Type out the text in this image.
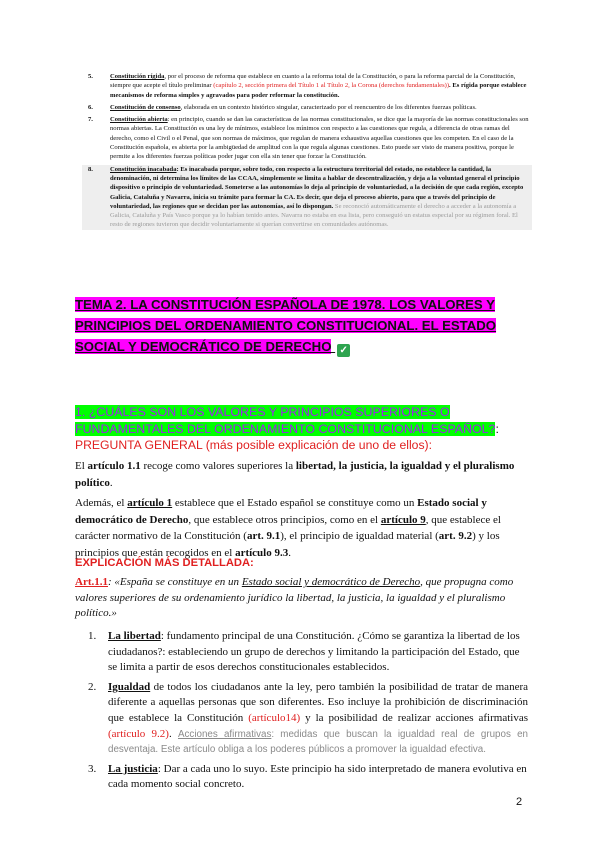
5.	Constitución rígida, por el proceso de reforma que establece en cuanto a la reforma total de la Constitución, o para la reforma parcial de la Constitución, siempre que acepte el título preliminar (capítulo 2, sección primera del Título 1 al Título 2, la Corona (derechos fundamentales)). Es rígida porque establece mecanismos de reforma simples y agravados para poder reformar la constitución.
6.	Constitución de consenso, elaborada en un contexto histórico singular, caracterizado por el reencuentro de los diferentes fuerzas políticas.
7.	Constitución abierta: en principio, cuando se dan las características de las normas constitucionales, se dice que la mayoría de las normas constitucionales son normas abiertas. La Constitución es una ley de mínimos, establece los mínimos con respecto a las cuestiones que regula, a diferencia de otras ramas del derecho, como el Civil o el Penal, que son normas de máximos, que regulan de manera exhaustiva aquellas cuestiones que les competen. En el caso de la Constitución española, es abierta por la ambigüedad de amplitud con la que regula algunas cuestiones. Esto puede ser visto de manera positiva, porque le permite a los diferentes fuerzas políticas poder jugar con ella sin tener que forzar la Constitución.
8.	Constitución inacabada: Es inacabada porque, sobre todo, con respecto a la estructura territorial del estado, no establece la cantidad, la denominación, ni determina los límites de las CCAA, simplemente se limita a hablar de descentralización, y deja a la voluntad general el principio dispositivo o principio de voluntariedad. Someterse a las autonomías lo deja al principio de voluntariedad, a la decisión de que cada región, excepto Galicia, Cataluña y Navarra, inicia su trámite para formar la CA. Es decir, que deja el proceso abierto, para que a través del principio de voluntariedad, las regiones que se decidan por las autonomías, así lo dispongan. Se reconoció automáticamente el derecho a acceder a la autonomía a Galicia, Cataluña y País Vasco porque ya lo habían tenido antes. Navarra no estaba en esa lista, pero conseguió un estatus especial por su régimen foral. El resto de regiones tuvieron que decidir voluntariamente si querían convertirse en comunidades autónomas.
TEMA 2. LA CONSTITUCIÓN ESPAÑOLA DE 1978. LOS VALORES Y PRINCIPIOS DEL ORDENAMIENTO CONSTITUCIONAL. EL ESTADO SOCIAL Y DEMOCRÁTICO DE DERECHO ✓
1. ¿CUÁLES SON LOS VALORES Y PRINCIPIOS SUPERIORES O FUNDAMENTALES DEL ORDENAMIENTO CONSTITUCIONAL ESPAÑOL?:
PREGUNTA GENERAL (más posible explicación de uno de ellos):
El artículo 1.1 recoge como valores superiores la libertad, la justicia, la igualdad y el pluralismo político.
Además, el artículo 1 establece que el Estado español se constituye como un Estado social y democrático de Derecho, que establece otros principios, como en el artículo 9, que establece el carácter normativo de la Constitución (art. 9.1), el principio de igualdad material (art. 9.2) y los principios que están recogidos en el artículo 9.3.
EXPLICACIÓN MÁS DETALLADA:
Art.1.1: «España se constituye en un Estado social y democrático de Derecho, que propugna como valores superiores de su ordenamiento jurídico la libertad, la justicia, la igualdad y el pluralismo político.»
1. La libertad: fundamento principal de una Constitución. ¿Cómo se garantiza la libertad de los ciudadanos?: estableciendo un grupo de derechos y limitando la participación del Estado, que se limita a partir de esos derechos constitucionales establecidos.
2. Igualdad de todos los ciudadanos ante la ley, pero también la posibilidad de tratar de manera diferente a aquellas personas que son diferentes. Eso incluye la prohibición de discriminación que establece la Constitución (artículo14) y la posibilidad de realizar acciones afirmativas (artículo 9.2). Acciones afirmativas: medidas que buscan la igualdad real de grupos en desventaja. Este artículo obliga a los poderes públicos a promover la igualdad efectiva.
3. La justicia: Dar a cada uno lo suyo. Este principio ha sido interpretado de manera evolutiva en cada momento social concreto.
2
